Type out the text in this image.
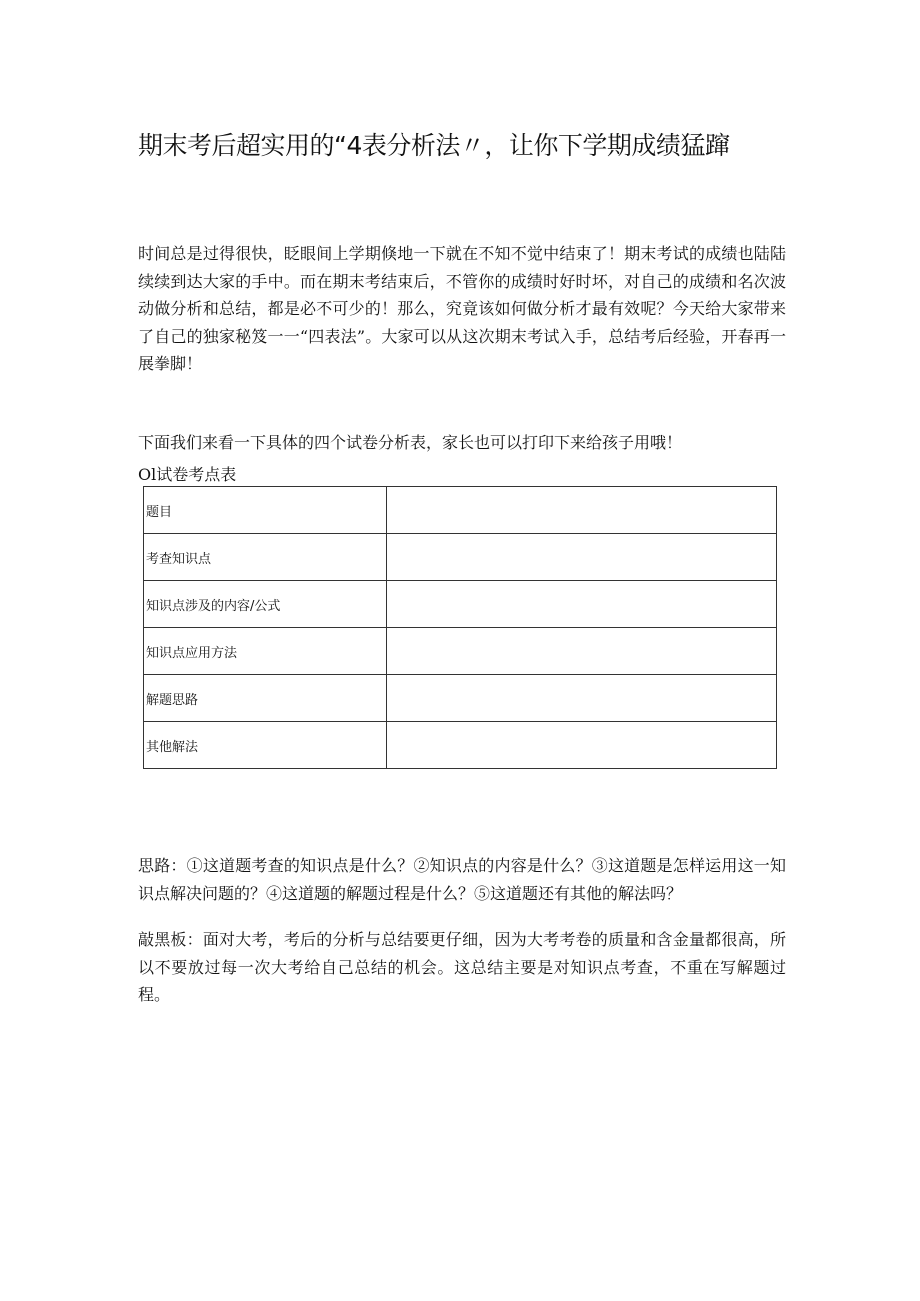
期末考后超实用的“4表分析法〃，让你下学期成绩猛蹿

时间总是过得很快，眨眼间上学期倏地一下就在不知不觉中结束了！期末考试的成绩也陆陆续续到达大家的手中。而在期末考结束后，不管你的成绩时好时坏，对自己的成绩和名次波动做分析和总结，都是必不可少的！那么，究竟该如何做分析才最有效呢？今天给大家带来了自己的独家秘笈一一“四表法”。大家可以从这次期末考试入手，总结考后经验，开春再一展拳脚！

下面我们来看一下具体的四个试卷分析表，家长也可以打印下来给孩子用哦！

Ol试卷考点表
题目	
考查知识点	
知识点涉及的内容/公式	
知识点应用方法	
解题思路	
其他解法	

思路：①这道题考查的知识点是什么？②知识点的内容是什么？③这道题是怎样运用这一知识点解决问题的？④这道题的解题过程是什么？⑤这道题还有其他的解法吗？

敲黑板：面对大考，考后的分析与总结要更仔细，因为大考考卷的质量和含金量都很高，所以不要放过每一次大考给自己总结的机会。这总结主要是对知识点考查，不重在写解题过程。
